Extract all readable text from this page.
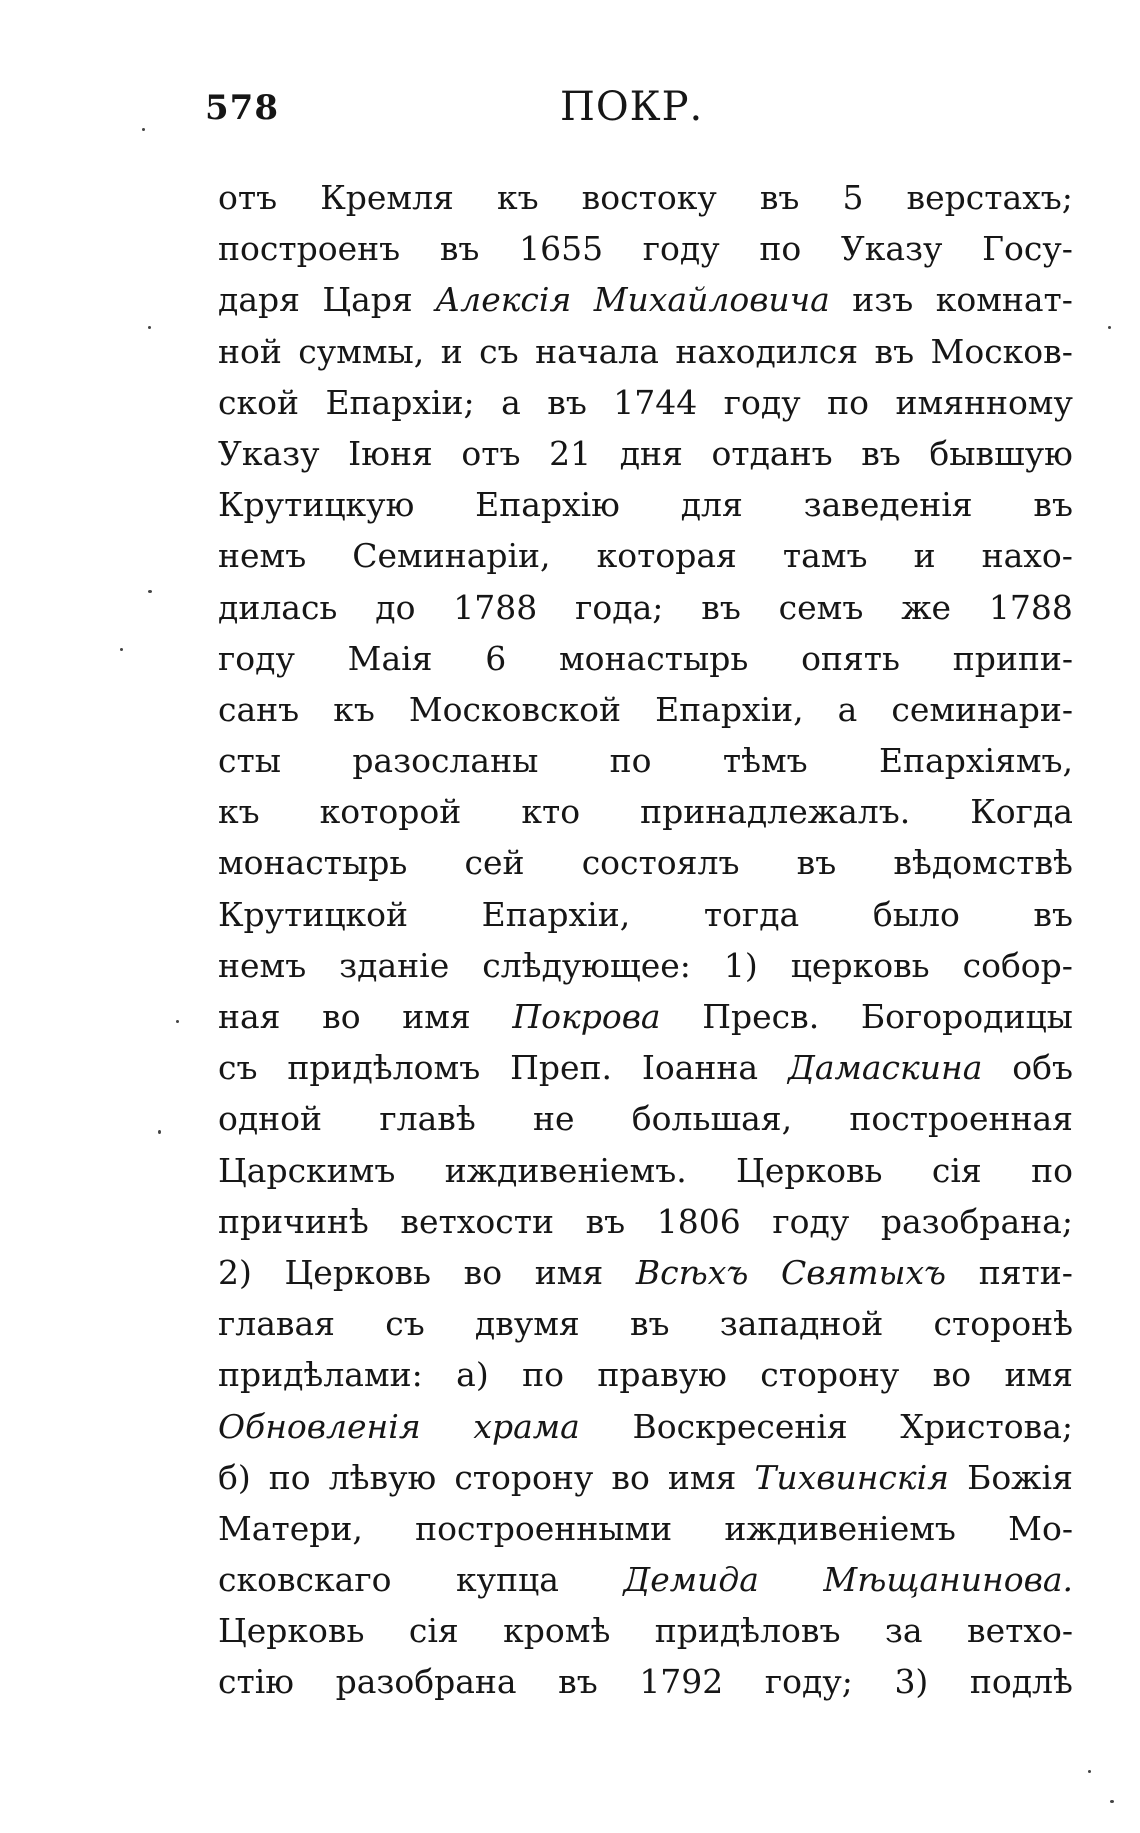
578	ПОКР.
отъ Кремля къ востоку въ 5 верстахъ;
построенъ въ 1655 году по Указу Госу-
даря Царя Алексія Михайловича изъ комнат-
ной суммы, и съ начала находился въ Москов-
ской Епархіи; а въ 1744 году по имянному
Указу Іюня отъ 21 дня отданъ въ бывшую
Крутицкую Епархію для заведенія въ
немъ Семинаріи, которая тамъ и нахо-
дилась до 1788 года; въ семъ же 1788
году Маія 6 монастырь опять припи-
санъ къ Московской Епархіи, а семинари-
сты разосланы по тѣмъ Епархіямъ,
къ которой кто принадлежалъ. Когда
монастырь сей состоялъ въ вѣдомствѣ
Крутицкой Епархіи, тогда было въ
немъ зданіе слѣдующее: 1) церковь собор-
ная во имя Покрова Пресв. Богородицы
съ придѣломъ Преп. Іоанна Дамаскина объ
одной главѣ не большая, построенная
Царскимъ иждивеніемъ. Церковь сія по
причинѣ ветхости въ 1806 году разобрана;
2) Церковь во имя Всѣхъ Святыхъ пяти-
главая съ двумя въ западной сторонѣ
придѣлами: а) по правую сторону во имя
Обновленія храма Воскресенія Христова;
б) по лѣвую сторону во имя Тихвинскія Божія
Матери, построенными иждивеніемъ Мо-
сковскаго купца Демида Мѣщанинова.
Церковь сія кромѣ придѣловъ за ветхо-
стію разобрана въ 1792 году; 3) подлѣ
